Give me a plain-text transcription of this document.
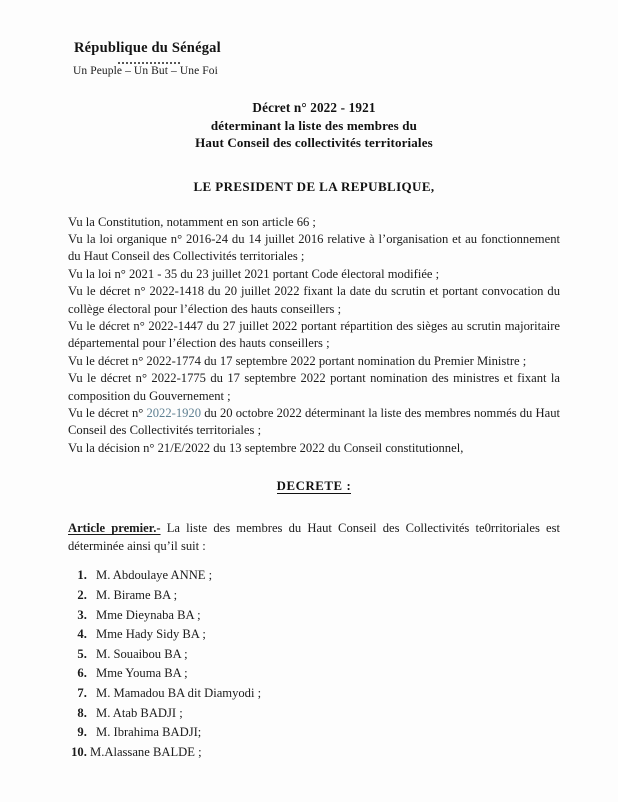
République du Sénégal
Un Peuple – Un But – Une Foi
Décret n° 2022 - 1921
déterminant la liste des membres du
Haut Conseil des collectivités territoriales
LE PRESIDENT DE LA REPUBLIQUE,

Vu la Constitution, notamment en son article 66 ;

Vu la loi organique n° 2016-24 du 14 juillet 2016 relative à l’organisation et au fonctionnement du Haut Conseil des Collectivités territoriales ;

Vu la loi n° 2021 - 35 du 23 juillet 2021 portant Code électoral modifiée ;

Vu le décret n° 2022-1418 du 20 juillet 2022 fixant la date du scrutin et portant convocation du collège électoral pour l’élection des hauts conseillers ;

Vu le décret n° 2022-1447 du 27 juillet 2022 portant répartition des sièges au scrutin majoritaire départemental pour l’élection des hauts conseillers ;

Vu le décret n° 2022-1774 du 17 septembre 2022 portant nomination du Premier Ministre ;

Vu le décret n° 2022-1775 du 17 septembre 2022 portant nomination des ministres et fixant la composition du Gouvernement ;

Vu le décret n° 2022-1920 du 20 octobre 2022 déterminant la liste des membres nommés du Haut Conseil des Collectivités territoriales ;

Vu la décision n° 21/E/2022 du 13 septembre 2022 du Conseil constitutionnel,

DECRETE :
Article premier.- La liste des membres du Haut Conseil des Collectivités te0rritoriales est déterminée ainsi qu’il suit :
1. M. Abdoulaye ANNE ;
2. M. Birame BA ;
3. Mme Dieynaba BA ;
4. Mme Hady Sidy BA ;
5. M. Souaibou BA ;
6. Mme Youma BA ;
7. M. Mamadou BA dit Diamyodi ;
8. M. Atab BADJI ;
9. M. Ibrahima BADJI;
10. M.Alassane BALDE ;
